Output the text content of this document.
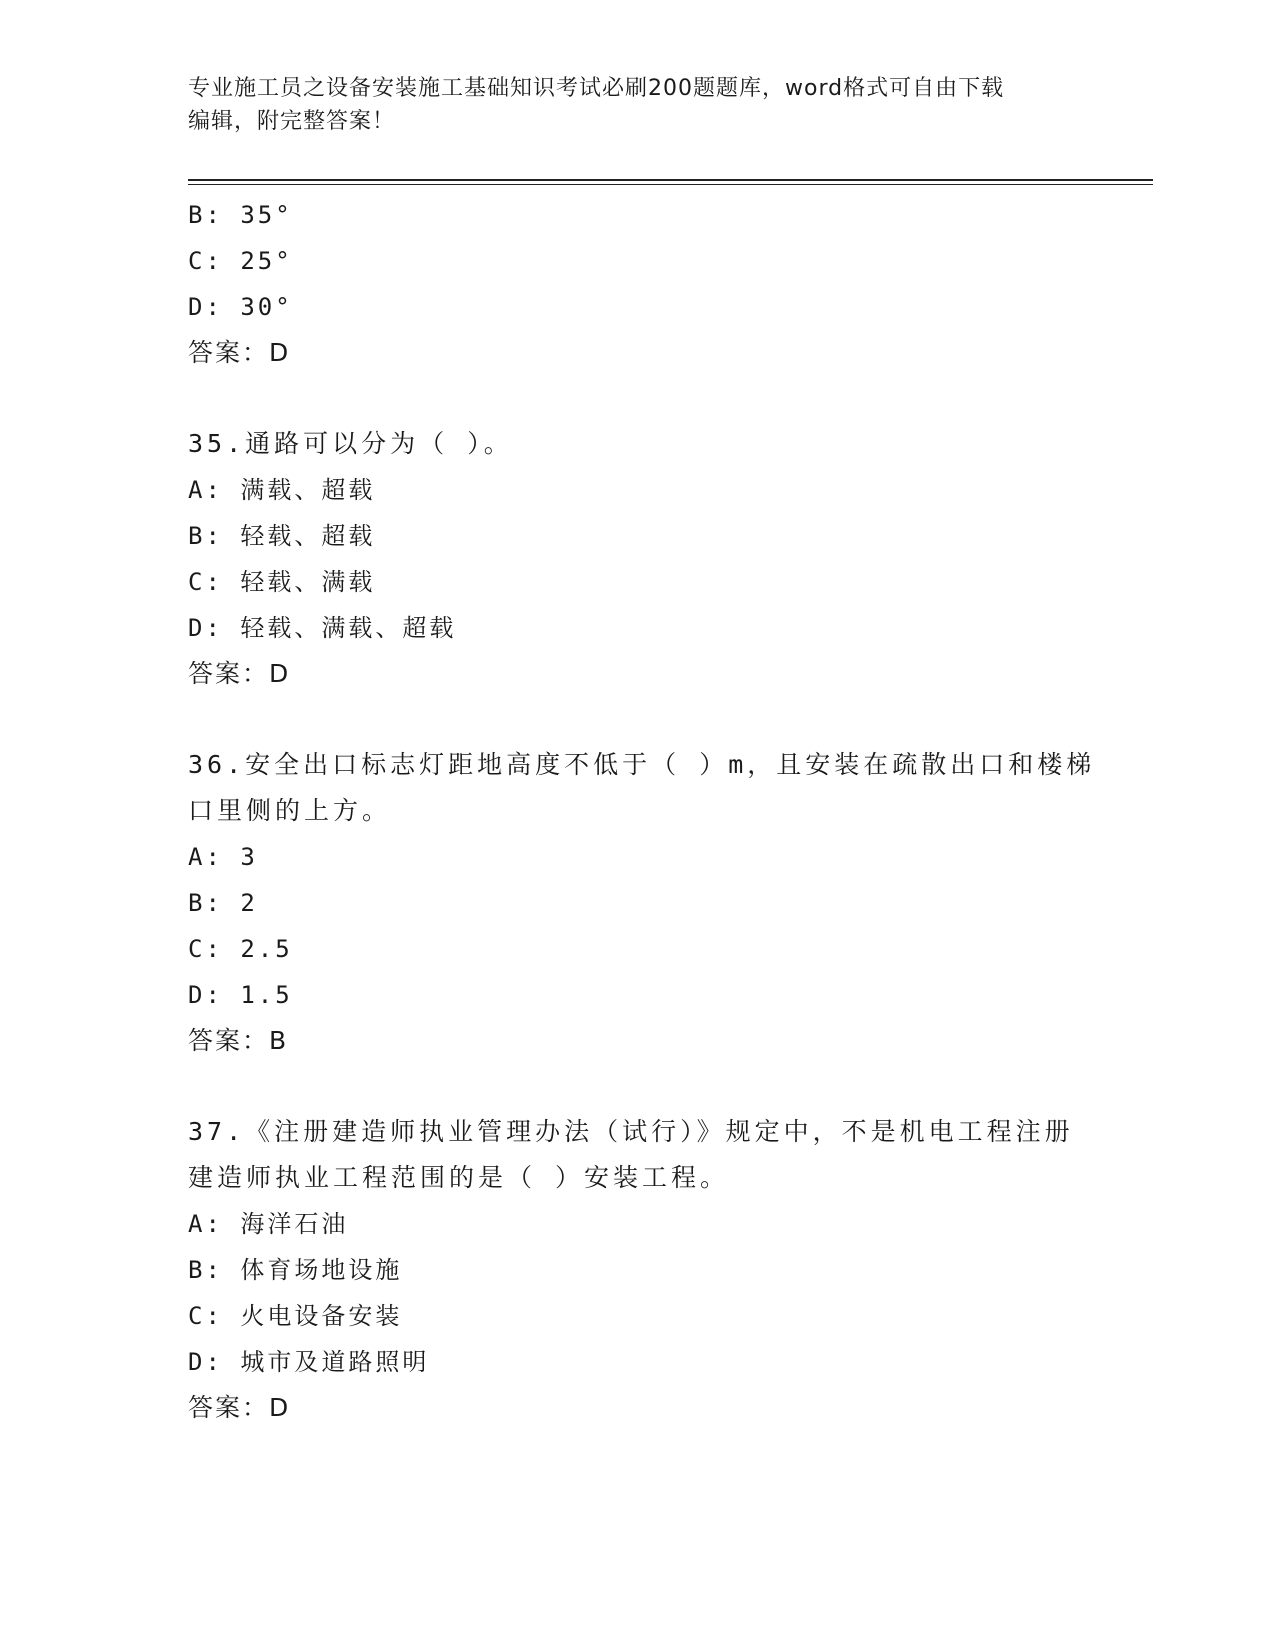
专业施工员之设备安装施工基础知识考试必刷200题题库，word格式可自由下载
编辑，附完整答案！
B: 35°
C: 25°
D: 30°
答案：D
35.通路可以分为（ ）。
A: 满载、超载
B: 轻载、超载
C: 轻载、满载
D: 轻载、满载、超载
答案：D
36.安全出口标志灯距地高度不低于（ ）m，且安装在疏散出口和楼梯
口里侧的上方。
A: 3
B: 2
C: 2.5
D: 1.5
答案：B
37.《注册建造师执业管理办法（试行）》规定中，不是机电工程注册
建造师执业工程范围的是（ ）安装工程。
A: 海洋石油
B: 体育场地设施
C: 火电设备安装
D: 城市及道路照明
答案：D
